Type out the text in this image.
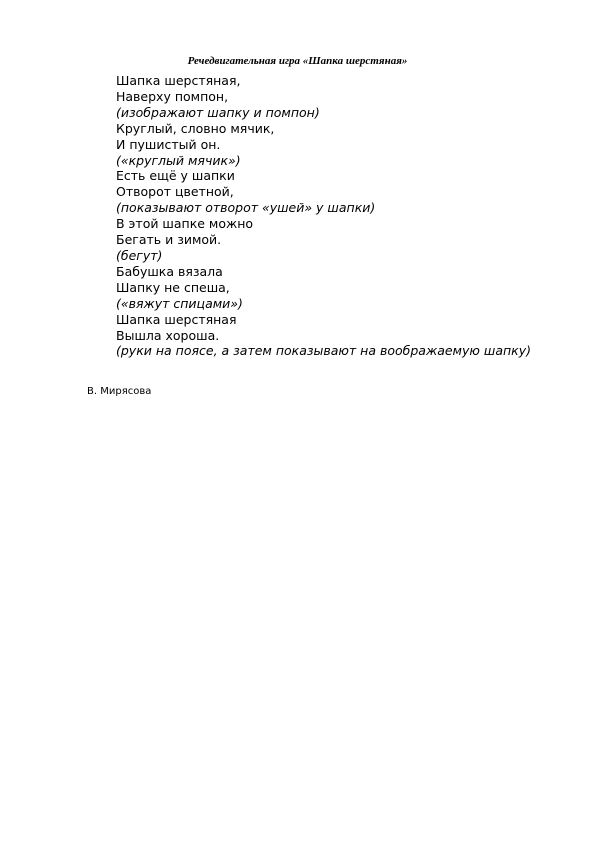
Речедвигательная игра «Шапка шерстяная»
Шапка шерстяная,
Наверху помпон,
(изображают шапку и помпон)
Круглый, словно мячик,
И пушистый он.
(«круглый мячик»)
Есть ещё у шапки
Отворот цветной,
(показывают отворот «ушей» у шапки)
В этой шапке можно
Бегать и зимой.
(бегут)
Бабушка вязала
Шапку не спеша,
(«вяжут спицами»)
Шапка шерстяная
Вышла хороша.
(руки на поясе, а затем показывают на воображаемую шапку)
В. Мирясова
